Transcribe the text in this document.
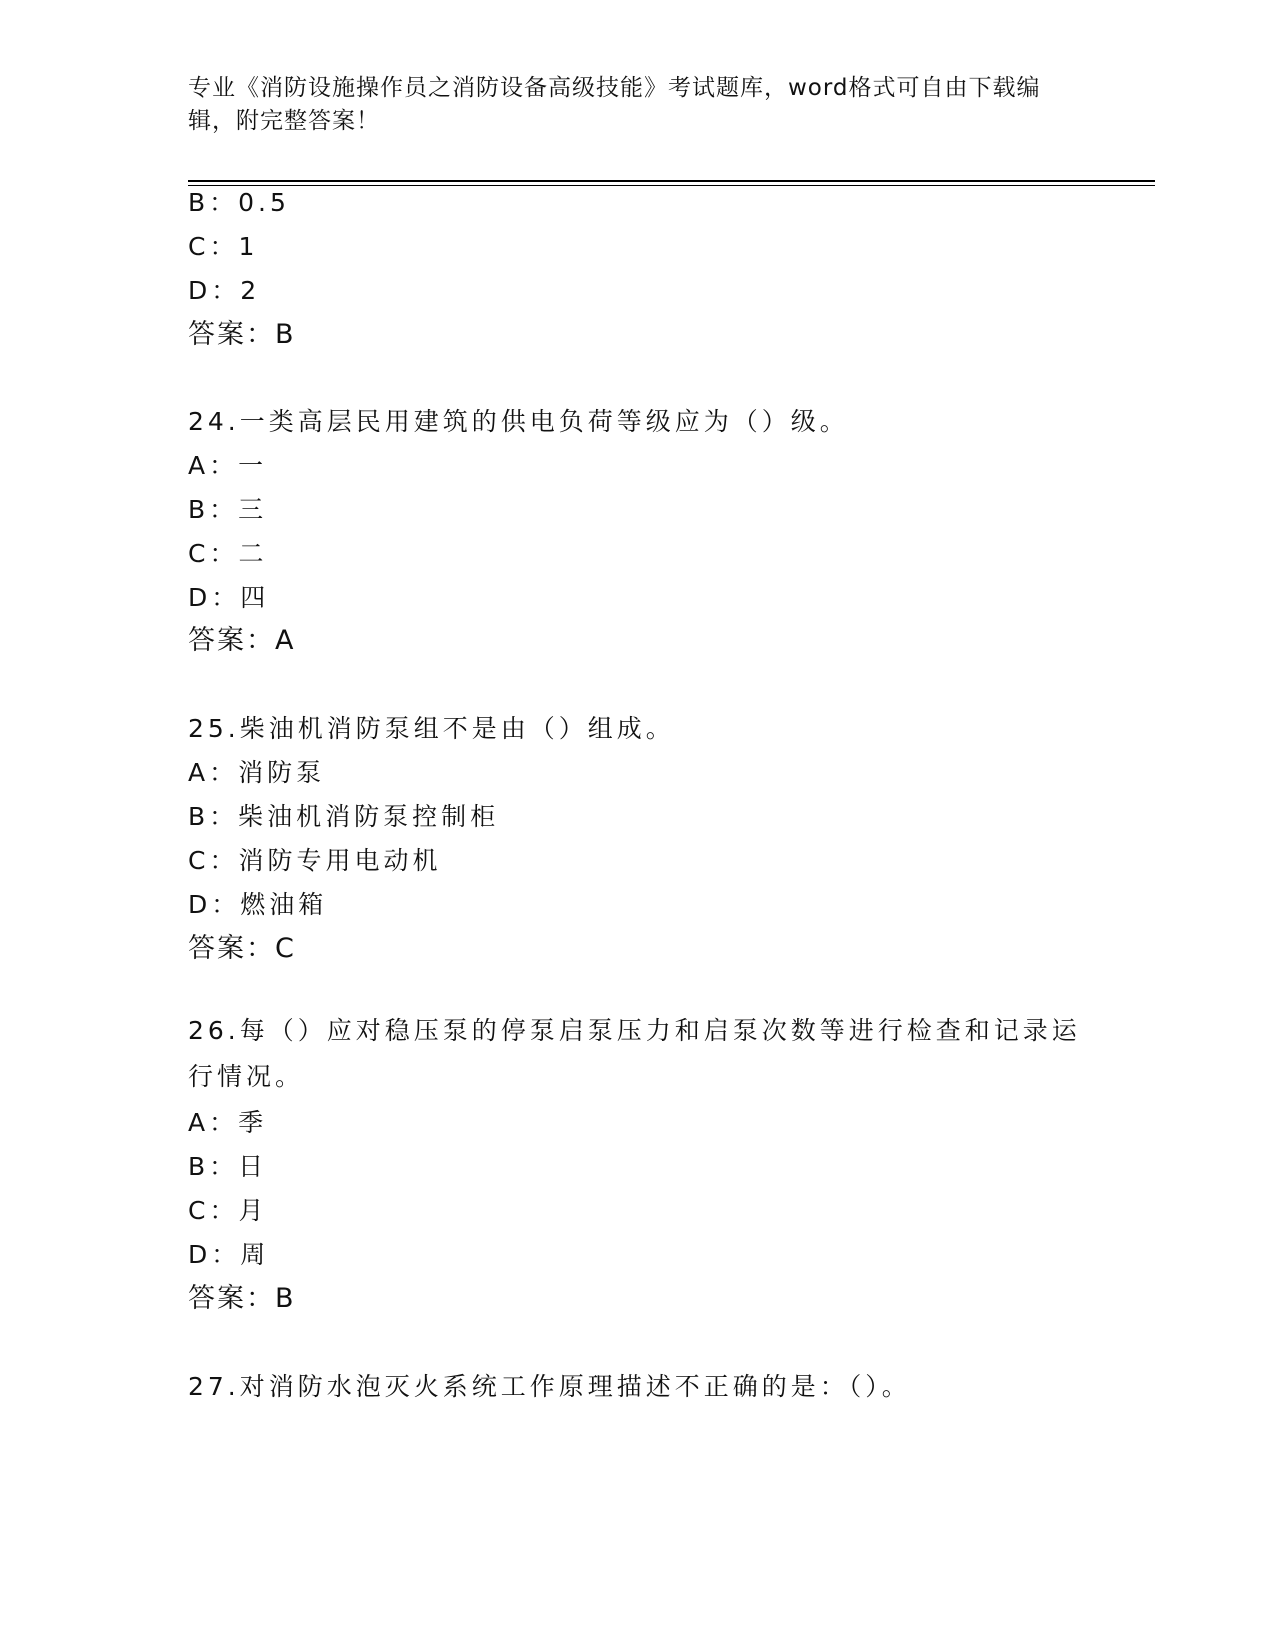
专业《消防设施操作员之消防设备高级技能》考试题库，word格式可自由下载编辑，附完整答案！
B：0.5
C：1
D：2
答案：B
24.一类高层民用建筑的供电负荷等级应为（）级。
A：一
B：三
C：二
D：四
答案：A
25.柴油机消防泵组不是由（）组成。
A：消防泵
B：柴油机消防泵控制柜
C：消防专用电动机
D：燃油箱
答案：C
26.每（）应对稳压泵的停泵启泵压力和启泵次数等进行检查和记录运行情况。
A：季
B：日
C：月
D：周
答案：B
27.对消防水泡灭火系统工作原理描述不正确的是：（）。
